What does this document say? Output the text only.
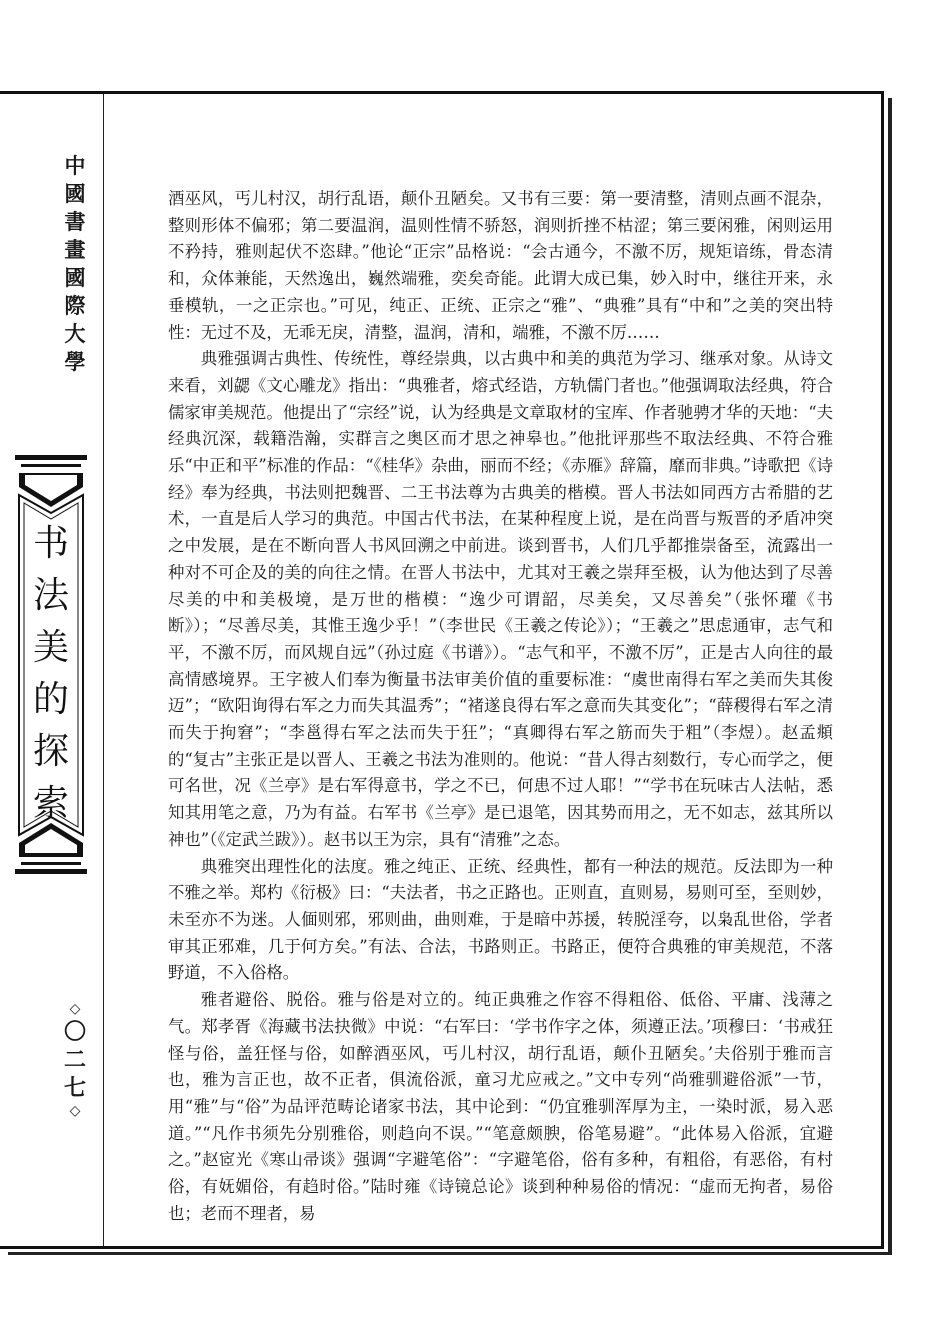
中
國
書
畫
國
際
大
學
书
法
美
的
探
索
◇
〇
二
七
◇

酒巫风，丐儿村汉，胡行乱语，颠仆丑陋矣。又书有三要：第一要清整，清则点画不混杂，整则形体不偏邪；第二要温润，温则性情不骄怒，润则折挫不枯涩；第三要闲雅，闲则运用不矜持，雅则起伏不恣肆。”他论“正宗”品格说：“会古通今，不激不厉，规矩谙练，骨态清和，众体兼能，天然逸出，巍然端雅，奕矣奇能。此谓大成已集，妙入时中，继往开来，永垂模轨，一之正宗也。”可见，纯正、正统、正宗之“雅”、“典雅”具有“中和”之美的突出特性：无过不及，无乖无戾，清整，温润，清和，端雅，不激不厉……

典雅强调古典性、传统性，尊经崇典，以古典中和美的典范为学习、继承对象。从诗文来看，刘勰《文心雕龙》指出：“典雅者，熔式经诰，方轨儒门者也。”他强调取法经典，符合儒家审美规范。他提出了“宗经”说，认为经典是文章取材的宝库、作者驰骋才华的天地：“夫经典沉深，载籍浩瀚，实群言之奥区而才思之神皋也。”他批评那些不取法经典、不符合雅乐“中正和平”标准的作品：“《桂华》杂曲，丽而不经；《赤雁》辞篇，靡而非典。”诗歌把《诗经》奉为经典，书法则把魏晋、二王书法尊为古典美的楷模。晋人书法如同西方古希腊的艺术，一直是后人学习的典范。中国古代书法，在某种程度上说，是在尚晋与叛晋的矛盾冲突之中发展，是在不断向晋人书风回溯之中前进。谈到晋书，人们几乎都推崇备至，流露出一种对不可企及的美的向往之情。在晋人书法中，尤其对王羲之崇拜至极，认为他达到了尽善尽美的中和美极境，是万世的楷模：“逸少可谓韶，尽美矣，又尽善矣”（张怀瓘《书断》）；“尽善尽美，其惟王逸少乎！”（李世民《王羲之传论》）；“王羲之”思虑通审，志气和平，不激不厉，而风规自远”（孙过庭《书谱》）。“志气和平，不激不厉”，正是古人向往的最高情感境界。王字被人们奉为衡量书法审美价值的重要标准：“虞世南得右军之美而失其俊迈”；“欧阳询得右军之力而失其温秀”；“褚遂良得右军之意而失其变化”；“薛稷得右军之清而失于拘窘”；“李邕得右军之法而失于狂”；“真卿得右军之筋而失于粗”（李煜）。赵孟頫的“复古”主张正是以晋人、王羲之书法为准则的。他说：“昔人得古刻数行，专心而学之，便可名世，况《兰亭》是右军得意书，学之不已，何患不过人耶！”“学书在玩味古人法帖，悉知其用笔之意，乃为有益。右军书《兰亭》是已退笔，因其势而用之，无不如志，兹其所以神也”（《定武兰跋》）。赵书以王为宗，具有“清雅”之态。

典雅突出理性化的法度。雅之纯正、正统、经典性，都有一种法的规范。反法即为一种不雅之举。郑杓《衍极》曰：“夫法者，书之正路也。正则直，直则易，易则可至，至则妙，未至亦不为迷。人偭则邪，邪则曲，曲则难，于是暗中苏援，转脱淫夸，以枭乱世俗，学者审其正邪难，几于何方矣。”有法、合法，书路则正。书路正，便符合典雅的审美规范，不落野道，不入俗格。

雅者避俗、脱俗。雅与俗是对立的。纯正典雅之作容不得粗俗、低俗、平庸、浅薄之气。郑孝胥《海藏书法抉微》中说：“右军曰：‘学书作字之体，须遵正法。’项穆曰：‘书戒狂怪与俗，盖狂怪与俗，如醉酒巫风，丐儿村汉，胡行乱语，颠仆丑陋矣。’夫俗别于雅而言也，雅为言正也，故不正者，俱流俗派，童习尤应戒之。”文中专列“尚雅驯避俗派”一节，用“雅”与“俗”为品评范畴论诸家书法，其中论到：“仍宜雅驯浑厚为主，一染时派，易入恶道。”“凡作书须先分别雅俗，则趋向不误。”“笔意颇腴，俗笔易避”。“此体易入俗派，宜避之。”赵宧光《寒山帚谈》强调“字避笔俗”：“字避笔俗，俗有多种，有粗俗，有恶俗，有村俗，有妩媚俗，有趋时俗。”陆时雍《诗镜总论》谈到种种易俗的情况：“虚而无拘者，易俗也；老而不理者，易
